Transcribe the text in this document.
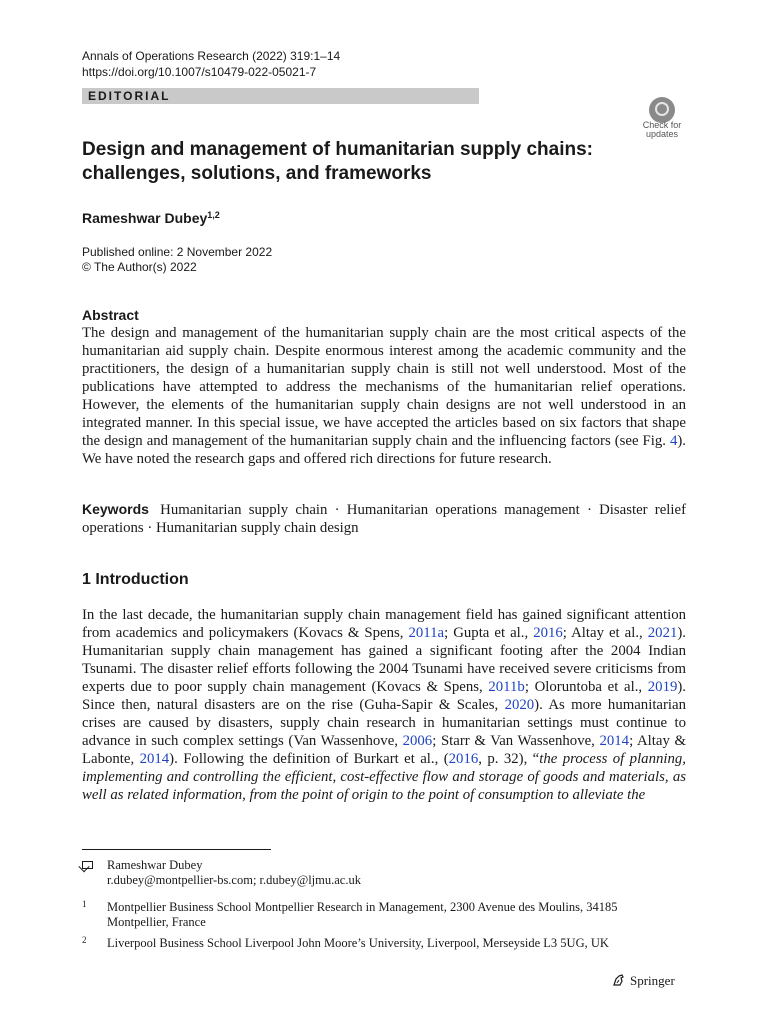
Annals of Operations Research (2022) 319:1–14
https://doi.org/10.1007/s10479-022-05021-7
EDITORIAL
Check for
updates
Design and management of humanitarian supply chains: challenges, solutions, and frameworks
Rameshwar Dubey$^{1,2}$
Published online: 2 November 2022
© The Author(s) 2022
Abstract
The design and management of the humanitarian supply chain are the most critical aspects of the humanitarian aid supply chain. Despite enormous interest among the academic community and the practitioners, the design of a humanitarian supply chain is still not well understood. Most of the publications have attempted to address the mechanisms of the humanitarian relief operations. However, the elements of the humanitarian supply chain designs are not well understood in an integrated manner. In this special issue, we have accepted the articles based on six factors that shape the design and management of the humanitarian supply chain and the influencing factors (see Fig. 4). We have noted the research gaps and offered rich directions for future research.
Keywords Humanitarian supply chain · Humanitarian operations management · Disaster relief operations · Humanitarian supply chain design
1 Introduction
In the last decade, the humanitarian supply chain management field has gained significant attention from academics and policymakers (Kovacs & Spens, 2011a; Gupta et al., 2016; Altay et al., 2021). Humanitarian supply chain management has gained a significant footing after the 2004 Indian Tsunami. The disaster relief efforts following the 2004 Tsunami have received severe criticisms from experts due to poor supply chain management (Kovacs & Spens, 2011b; Oloruntoba et al., 2019). Since then, natural disasters are on the rise (Guha-Sapir & Scales, 2020). As more humanitarian crises are caused by disasters, supply chain research in humanitarian settings must continue to advance in such complex settings (Van Wassenhove, 2006; Starr & Van Wassenhove, 2014; Altay & Labonte, 2014). Following the definition of Burkart et al., (2016, p. 32), “the process of planning, implementing and controlling the efficient, cost-effective flow and storage of goods and materials, as well as related information, from the point of origin to the point of consumption to alleviate the
Rameshwar Dubey
r.dubey@montpellier-bs.com; r.dubey@ljmu.ac.uk
1 Montpellier Business School Montpellier Research in Management, 2300 Avenue des Moulins, 34185 Montpellier, France
2 Liverpool Business School Liverpool John Moore’s University, Liverpool, Merseyside L3 5UG, UK
Springer
